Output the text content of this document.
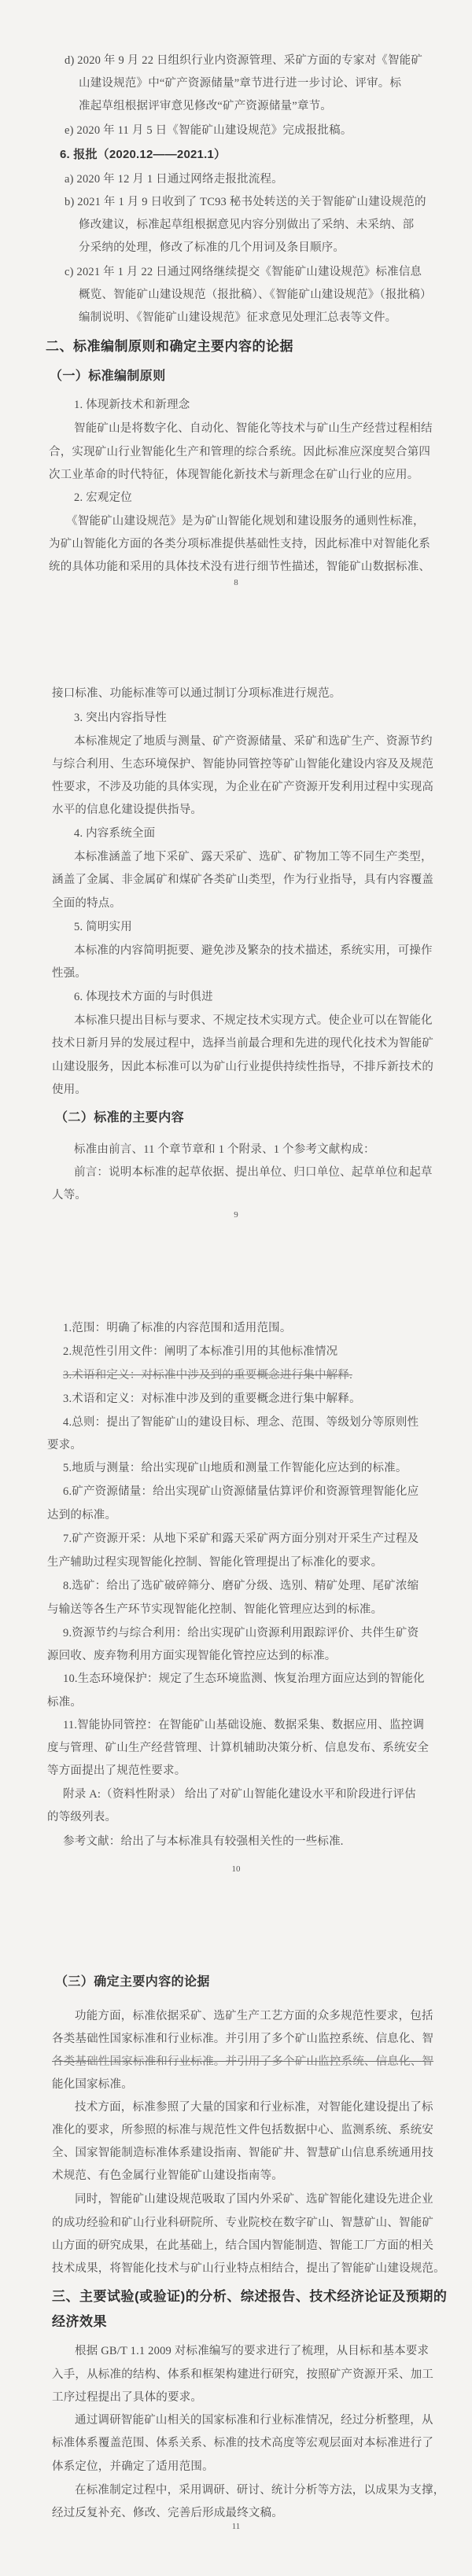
d) 2020 年 9 月 22 日组织行业内资源管理、采矿方面的专家对《智能矿
山建设规范》中“矿产资源储量”章节进行进一步讨论、评审。标
准起草组根据评审意见修改“矿产资源储量”章节。
e) 2020 年 11 月 5 日《智能矿山建设规范》完成报批稿。
6. 报批（2020.12——2021.1）
a) 2020 年 12 月 1 日通过网络走报批流程。
b) 2021 年 1 月 9 日收到了 TC93 秘书处转送的关于智能矿山建设规范的
修改建议，标准起草组根据意见内容分别做出了采纳、未采纳、部
分采纳的处理，修改了标准的几个用词及条目顺序。
c) 2021 年 1 月 22 日通过网络继续提交《智能矿山建设规范》标准信息
概览、智能矿山建设规范（报批稿）、《智能矿山建设规范》（报批稿）
编制说明、《智能矿山建设规范》征求意见处理汇总表等文件。
二、标准编制原则和确定主要内容的论据
（一）标准编制原则
1. 体现新技术和新理念
智能矿山是将数字化、自动化、智能化等技术与矿山生产经营过程相结
合，实现矿山行业智能化生产和管理的综合系统。因此标准应深度契合第四
次工业革命的时代特征，体现智能化新技术与新理念在矿山行业的应用。
2. 宏观定位
《智能矿山建设规范》是为矿山智能化规划和建设服务的通则性标准，
为矿山智能化方面的各类分项标准提供基础性支持，因此标准中对智能化系
统的具体功能和采用的具体技术没有进行细节性描述，智能矿山数据标准、
8
接口标准、功能标准等可以通过制订分项标准进行规范。
3. 突出内容指导性
本标准规定了地质与测量、矿产资源储量、采矿和选矿生产、资源节约
与综合利用、生态环境保护、智能协同管控等矿山智能化建设内容及及规范
性要求，不涉及功能的具体实现，为企业在矿产资源开发利用过程中实现高
水平的信息化建设提供指导。
4. 内容系统全面
本标准涵盖了地下采矿、露天采矿、选矿、矿物加工等不同生产类型，
涵盖了金属、非金属矿和煤矿各类矿山类型，作为行业指导，具有内容覆盖
全面的特点。
5. 简明实用
本标准的内容简明扼要、避免涉及繁杂的技术描述，系统实用，可操作
性强。
6. 体现技术方面的与时俱进
本标准只提出目标与要求、不规定技术实现方式。使企业可以在智能化
技术日新月异的发展过程中，选择当前最合理和先进的现代化技术为智能矿
山建设服务，因此本标准可以为矿山行业提供持续性指导，不排斥新技术的
使用。
（二）标准的主要内容
标准由前言、11 个章节章和 1 个附录、1 个参考文献构成：
前言：说明本标准的起草依据、提出单位、归口单位、起草单位和起草
人等。
9
1.范围：明确了标准的内容范围和适用范围。
2.规范性引用文件：阐明了本标准引用的其他标准情况
3.术语和定义：对标准中涉及到的重要概念进行集中解释.
3.术语和定义：对标准中涉及到的重要概念进行集中解释。
4.总则：提出了智能矿山的建设目标、理念、范围、等级划分等原则性
要求。
5.地质与测量：给出实现矿山地质和测量工作智能化应达到的标准。
6.矿产资源储量：给出实现矿山资源储量估算评价和资源管理智能化应
达到的标准。
7.矿产资源开采：从地下采矿和露天采矿两方面分别对开采生产过程及
生产辅助过程实现智能化控制、智能化管理提出了标准化的要求。
8.选矿：给出了选矿破碎筛分、磨矿分级、选别、精矿处理、尾矿浓缩
与输送等各生产环节实现智能化控制、智能化管理应达到的标准。
9.资源节约与综合利用：给出实现矿山资源利用跟踪评价、共伴生矿资
源回收、废弃物利用方面实现智能化管控应达到的标准。
10.生态环境保护：规定了生态环境监测、恢复治理方面应达到的智能化
标准。
11.智能协同管控：在智能矿山基础设施、数据采集、数据应用、监控调
度与管理、矿山生产经营管理、计算机辅助决策分析、信息发布、系统安全
等方面提出了规范性要求。
附录 A:（资料性附录） 给出了对矿山智能化建设水平和阶段进行评估
的等级列表。
参考文献：给出了与本标准具有较强相关性的一些标准.
10
（三）确定主要内容的论据
功能方面，标准依据采矿、选矿生产工艺方面的众多规范性要求，包括
各类基础性国家标准和行业标准。并引用了多个矿山监控系统、信息化、智
各类基础性国家标准和行业标准。并引用了多个矿山监控系统、信息化、智
能化国家标准。
技术方面，标准参照了大量的国家和行业标准，对智能化建设提出了标
准化的要求，所参照的标准与规范性文件包括数据中心、监测系统、系统安
全、国家智能制造标准体系建设指南、智能矿井、智慧矿山信息系统通用技
术规范、有色金属行业智能矿山建设指南等。
同时，智能矿山建设规范吸取了国内外采矿、选矿智能化建设先进企业
的成功经验和矿山行业科研院所、专业院校在数字矿山、智慧矿山、智能矿
山方面的研究成果，在此基础上，结合国内智能制造、智能工厂方面的相关
技术成果，将智能化技术与矿山行业特点相结合，提出了智能矿山建设规范。
三、主要试验(或验证)的分析、综述报告、技术经济论证及预期的
经济效果
根据 GB/T 1.1 2009 对标准编写的要求进行了梳理，从目标和基本要求
入手，从标准的结构、体系和框架构建进行研究，按照矿产资源开采、加工
工序过程提出了具体的要求。
通过调研智能矿山相关的国家标准和行业标准情况，经过分析整理，从
标准体系覆盖范围、体系关系、标准的技术高度等宏观层面对本标准进行了
体系定位，并确定了适用范围。
在标准制定过程中，采用调研、研讨、统计分析等方法，以成果为支撑，
经过反复补充、修改、完善后形成最终文稿。
11
